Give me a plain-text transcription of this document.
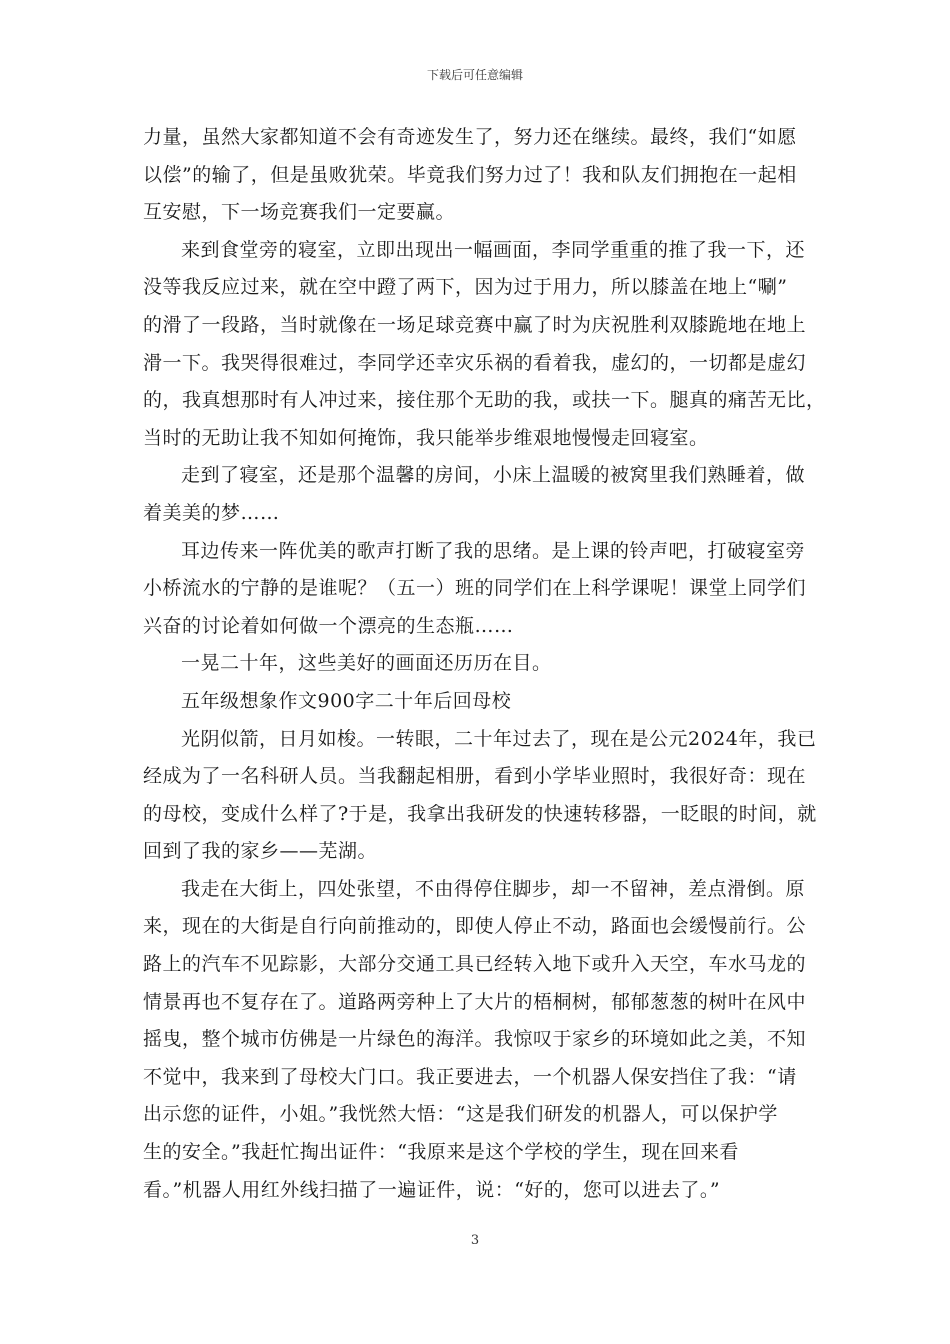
下载后可任意编辑
力量，虽然大家都知道不会有奇迹发生了，努力还在继续。最终，我们“如愿
以偿”的输了，但是虽败犹荣。毕竟我们努力过了！我和队友们拥抱在一起相
互安慰，下一场竞赛我们一定要赢。
来到食堂旁的寝室，立即出现出一幅画面，李同学重重的推了我一下，还
没等我反应过来，就在空中蹬了两下，因为过于用力，所以膝盖在地上“唰”
的滑了一段路，当时就像在一场足球竞赛中赢了时为庆祝胜利双膝跪地在地上
滑一下。我哭得很难过，李同学还幸灾乐祸的看着我，虚幻的，一切都是虚幻
的，我真想那时有人冲过来，接住那个无助的我，或扶一下。腿真的痛苦无比，
当时的无助让我不知如何掩饰，我只能举步维艰地慢慢走回寝室。
走到了寝室，还是那个温馨的房间，小床上温暖的被窝里我们熟睡着，做
着美美的梦……
耳边传来一阵优美的歌声打断了我的思绪。是上课的铃声吧，打破寝室旁
小桥流水的宁静的是谁呢？（五一）班的同学们在上科学课呢！课堂上同学们
兴奋的讨论着如何做一个漂亮的生态瓶……
一晃二十年，这些美好的画面还历历在目。
五年级想象作文900字二十年后回母校
光阴似箭，日月如梭。一转眼，二十年过去了，现在是公元2024年，我已
经成为了一名科研人员。当我翻起相册，看到小学毕业照时，我很好奇：现在
的母校，变成什么样了?于是，我拿出我研发的快速转移器，一眨眼的时间，就
回到了我的家乡——芜湖。
我走在大街上，四处张望，不由得停住脚步，却一不留神，差点滑倒。原
来，现在的大街是自行向前推动的，即使人停止不动，路面也会缓慢前行。公
路上的汽车不见踪影，大部分交通工具已经转入地下或升入天空，车水马龙的
情景再也不复存在了。道路两旁种上了大片的梧桐树，郁郁葱葱的树叶在风中
摇曳，整个城市仿佛是一片绿色的海洋。我惊叹于家乡的环境如此之美，不知
不觉中，我来到了母校大门口。我正要进去，一个机器人保安挡住了我：“请
出示您的证件，小姐。”我恍然大悟：“这是我们研发的机器人，可以保护学
生的安全。”我赶忙掏出证件：“我原来是这个学校的学生，现在回来看
看。”机器人用红外线扫描了一遍证件，说：“好的，您可以进去了。”
3
